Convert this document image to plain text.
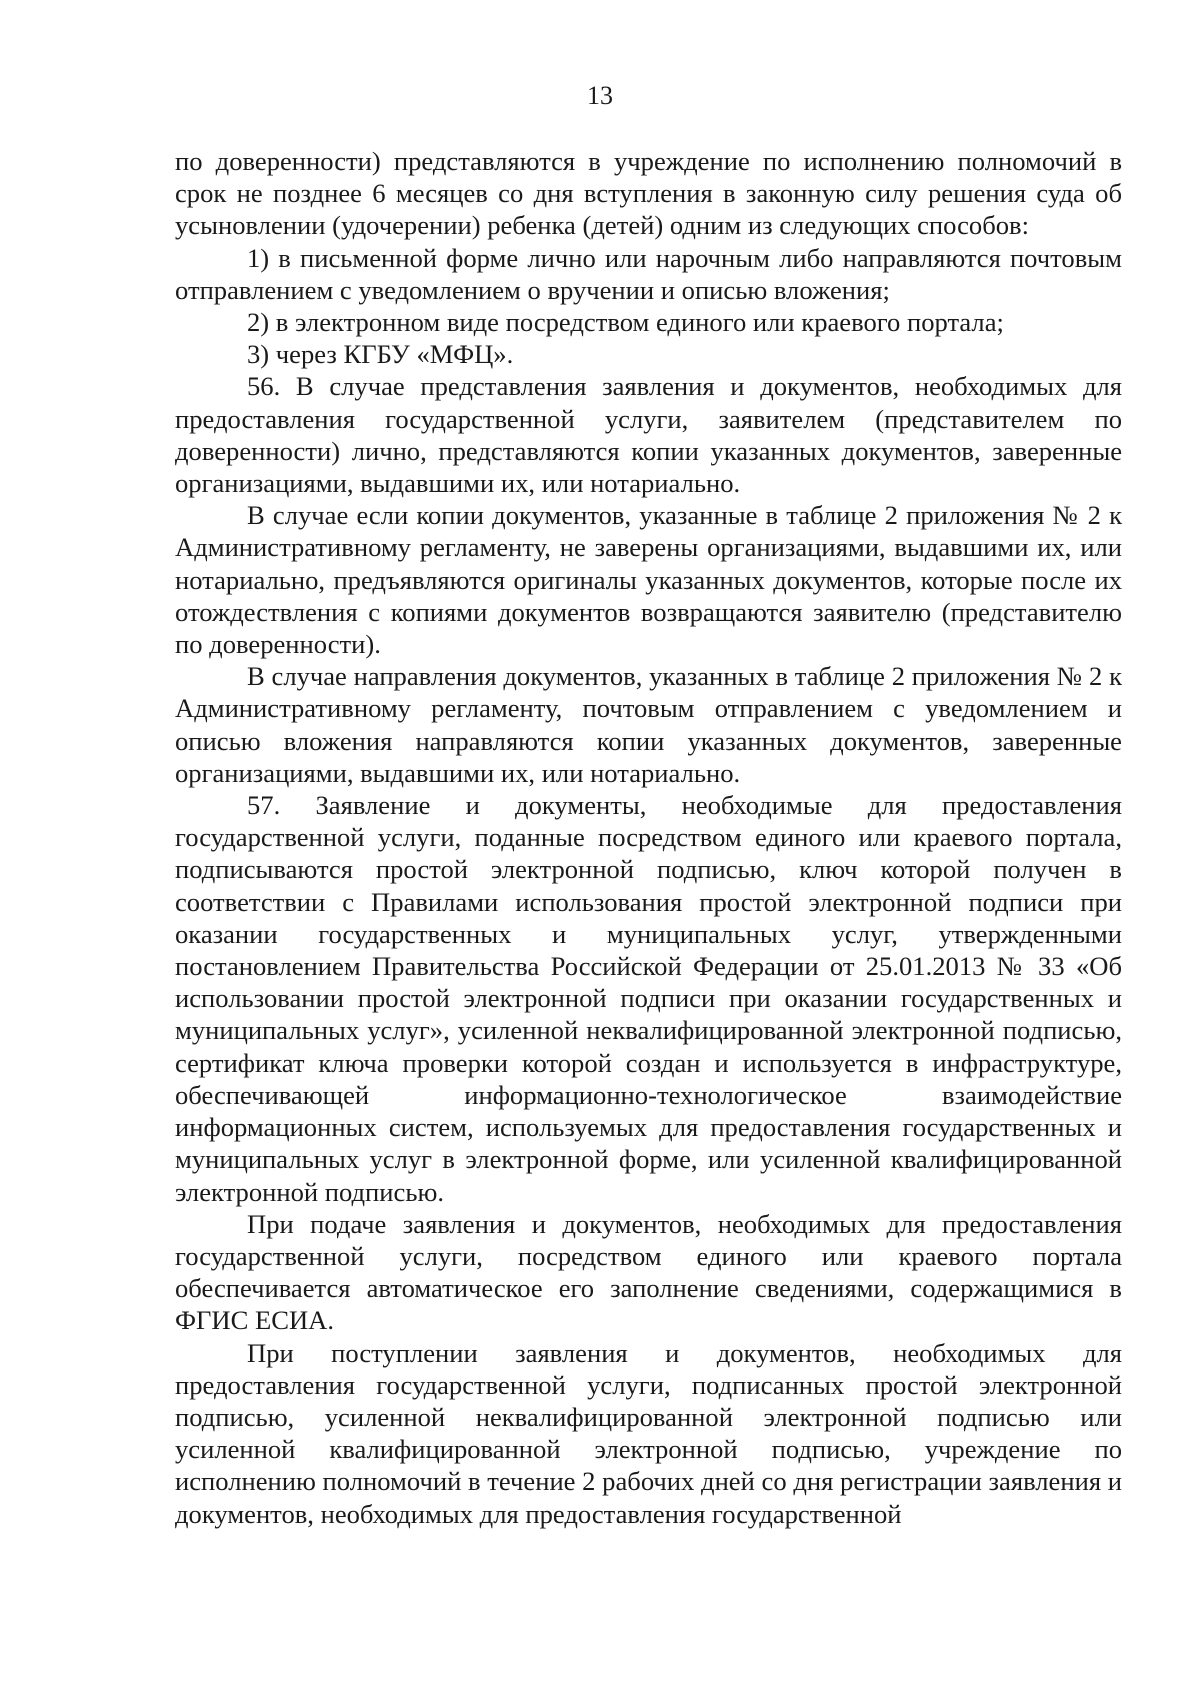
13

по доверенности) представляются в учреждение по исполнению полномочий в срок не позднее 6 месяцев со дня вступления в законную силу решения суда об усыновлении (удочерении) ребенка (детей) одним из следующих способов:

1) в письменной форме лично или нарочным либо направляются почтовым отправлением с уведомлением о вручении и описью вложения;

2) в электронном виде посредством единого или краевого портала;

3) через КГБУ «МФЦ».

56. В случае представления заявления и документов, необходимых для предоставления государственной услуги, заявителем (представителем по доверенности) лично, представляются копии указанных документов, заверенные организациями, выдавшими их, или нотариально.

В случае если копии документов, указанные в таблице 2 приложения № 2 к Административному регламенту, не заверены организациями, выдавшими их, или нотариально, предъявляются оригиналы указанных документов, которые после их отождествления с копиями документов возвращаются заявителю (представителю по доверенности).

В случае направления документов, указанных в таблице 2 приложения № 2 к Административному регламенту, почтовым отправлением с уведомлением и описью вложения направляются копии указанных документов, заверенные организациями, выдавшими их, или нотариально.

57. Заявление и документы, необходимые для предоставления государственной услуги, поданные посредством единого или краевого портала, подписываются простой электронной подписью, ключ которой получен в соответствии с Правилами использования простой электронной подписи при оказании государственных и муниципальных услуг, утвержденными постановлением Правительства Российской Федерации от 25.01.2013 № 33 «Об использовании простой электронной подписи при оказании государственных и муниципальных услуг», усиленной неквалифицированной электронной подписью, сертификат ключа проверки которой создан и используется в инфраструктуре, обеспечивающей информационно-технологическое взаимодействие информационных систем, используемых для предоставления государственных и муниципальных услуг в электронной форме, или усиленной квалифицированной электронной подписью.

При подаче заявления и документов, необходимых для предоставления государственной услуги, посредством единого или краевого портала обеспечивается автоматическое его заполнение сведениями, содержащимися в ФГИС ЕСИА.

При поступлении заявления и документов, необходимых для предоставления государственной услуги, подписанных простой электронной подписью, усиленной неквалифицированной электронной подписью или усиленной квалифицированной электронной подписью, учреждение по исполнению полномочий в течение 2 рабочих дней со дня регистрации заявления и документов, необходимых для предоставления государственной
